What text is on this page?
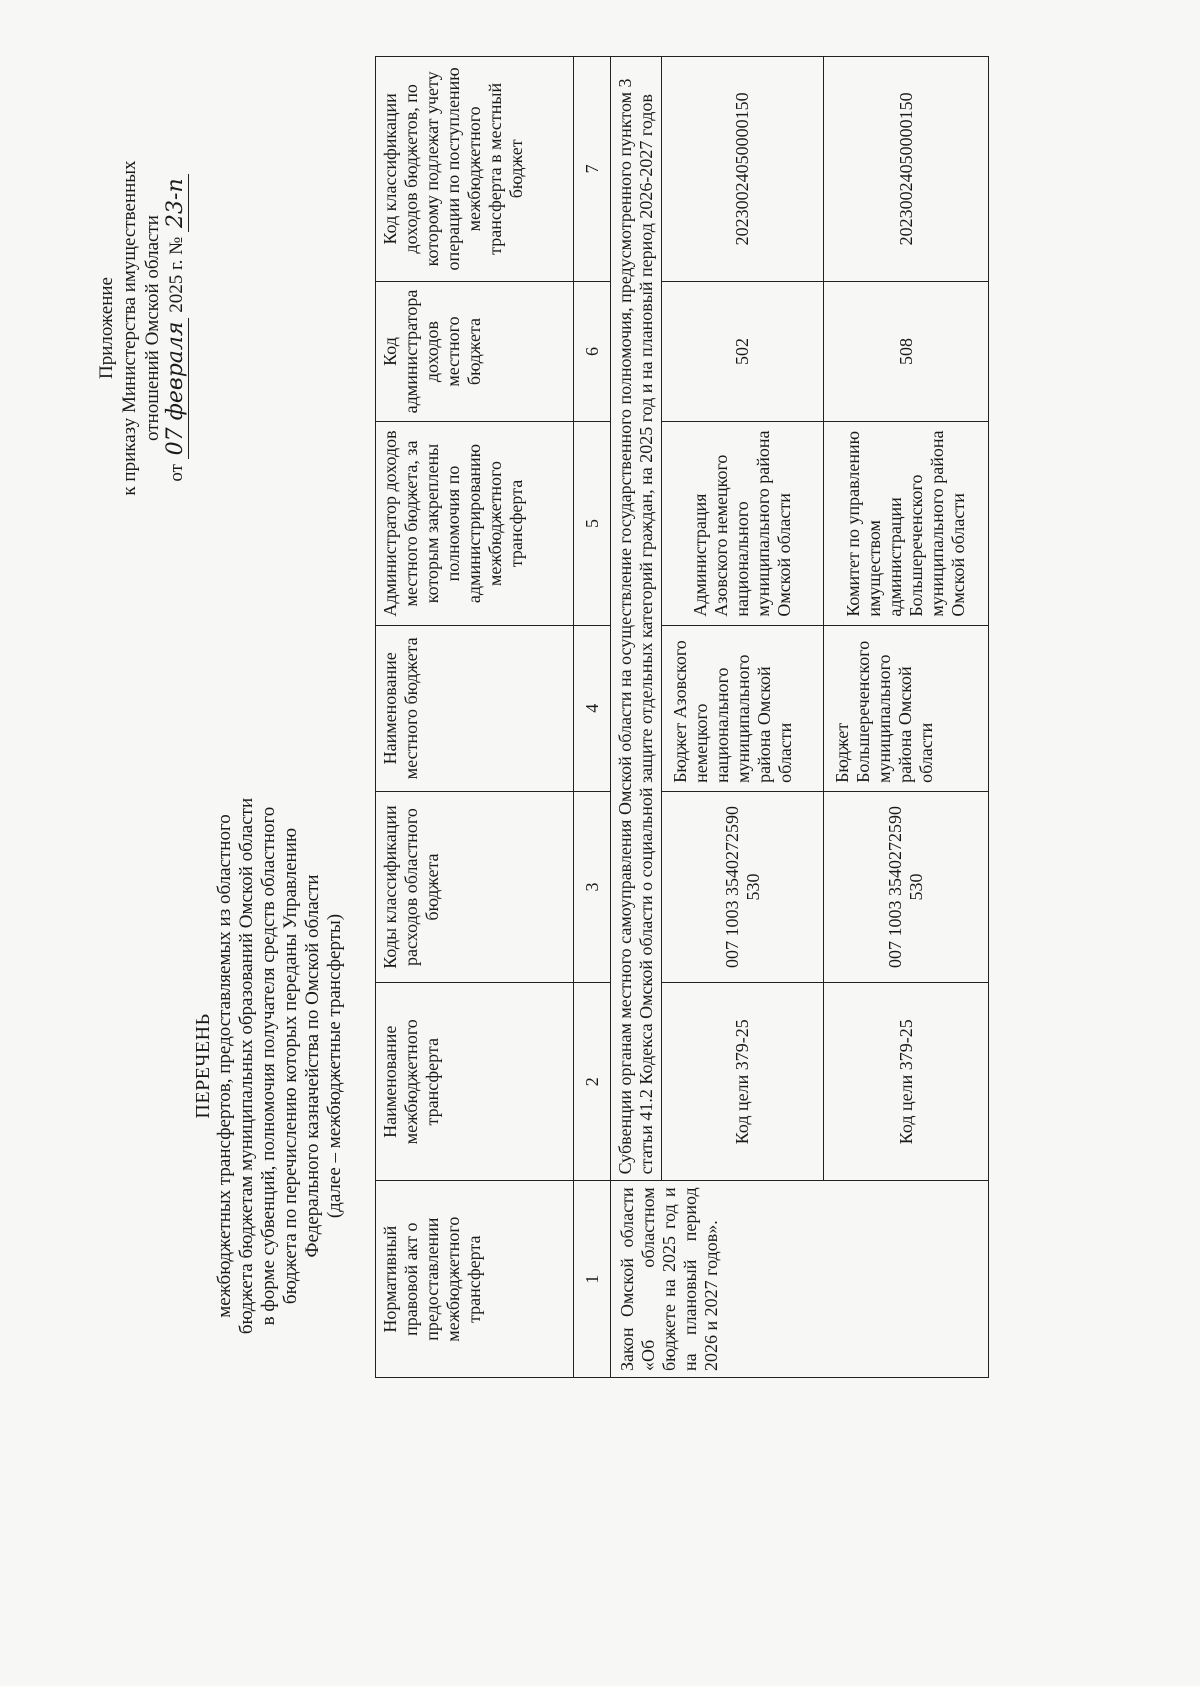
Приложение к приказу Министерства имущественных отношений Омской области
от 07 февраля 2025 г. № 23-п
ПЕРЕЧЕНЬ межбюджетных трансфертов, предоставляемых из областного бюджета бюджетам муниципальных образований Омской области в форме субвенций, полномочия получателя средств областного бюджета по перечислению которых переданы Управлению Федерального казначейства по Омской области (далее – межбюджетные трансферты)
Нормативный правовой акт о предоставлении межбюджетного трансферта	Наименование межбюджетного трансферта	Коды классификации расходов областного бюджета	Наименование местного бюджета	Администратор доходов местного бюджета, за которым закреплены полномочия по администрированию межбюджетного трансферта	Код администратора доходов местного бюджета	Код классификации доходов бюджетов, по которому подлежат учету операции по поступлению межбюджетного трансферта в местный бюджет
1	2	3	4	5	6	7
Закон Омской области «Об областном бюджете на 2025 год и на плановый период 2026 и 2027 годов».	Субвенции органам местного самоуправления Омской области на осуществление государственного полномочия, предусмотренного пунктом 3 статьи 41.2 Кодекса Омской области о социальной защите отдельных категорий граждан, на 2025 год и на плановый период 2026-2027 годов					

	Код цели 379-25	007 1003 3540272590 530	Бюджет Азовского немецкого национального муниципального района Омской области	Администрация Азовского немецкого национального муниципального района Омской области	502	20230024050000150
	Код цели 379-25	007 1003 3540272590 530	Бюджет Большереченского муниципального района Омской области	Комитет по управлению имуществом администрации Большереченского муниципального района Омской области	508	20230024050000150
